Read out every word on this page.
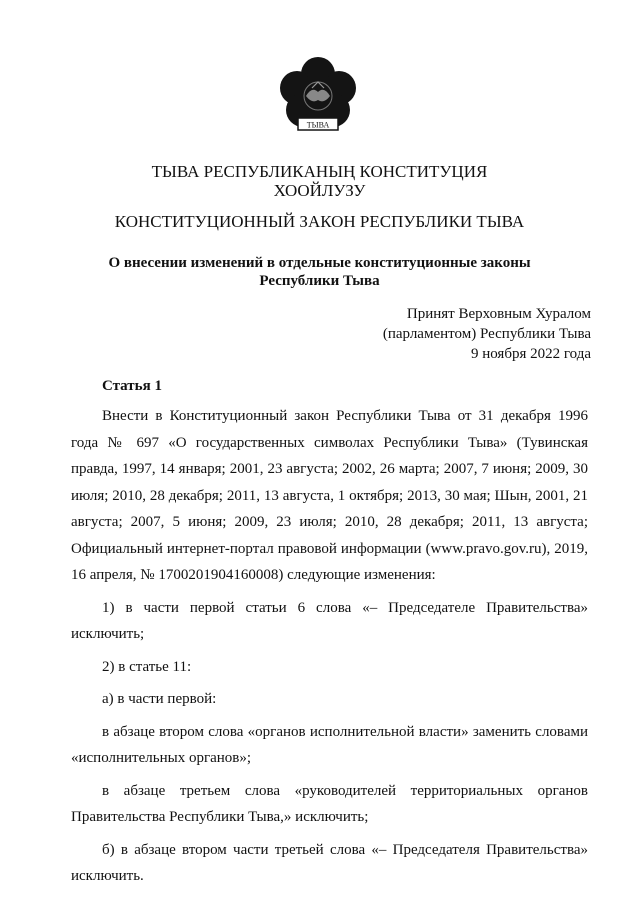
ТЫВА
ТЫВА РЕСПУБЛИКАНЫҢ КОНСТИТУЦИЯ
ХООЙЛУЗУ
КОНСТИТУЦИОННЫЙ ЗАКОН РЕСПУБЛИКИ ТЫВА
О внесении изменений в отдельные конституционные законы
Республики Тыва
Принят Верховным Хуралом
(парламентом) Республики Тыва
9 ноября 2022 года
Статья 1

Внести в Конституционный закон Республики Тыва от 31 декабря 1996 года № 697 «О государственных символах Республики Тыва» (Тувинская правда, 1997, 14 января; 2001, 23 августа; 2002, 26 марта; 2007, 7 июня; 2009, 30 июля; 2010, 28 декабря; 2011, 13 августа, 1 октября; 2013, 30 мая; Шын, 2001, 21 августа; 2007, 5 июня; 2009, 23 июля; 2010, 28 декабря; 2011, 13 августа; Официальный интернет-портал правовой информации (www.pravo.gov.ru), 2019, 16 апреля, № 1700201904160008) следующие изменения:

1) в части первой статьи 6 слова «– Председателе Правительства» исключить;

2) в статье 11:

а) в части первой:

в абзаце втором слова «органов исполнительной власти» заменить словами «исполнительных органов»;

в абзаце третьем слова «руководителей территориальных органов Правительства Республики Тыва,» исключить;

б) в абзаце втором части третьей слова «– Председателя Правительства» исключить.
